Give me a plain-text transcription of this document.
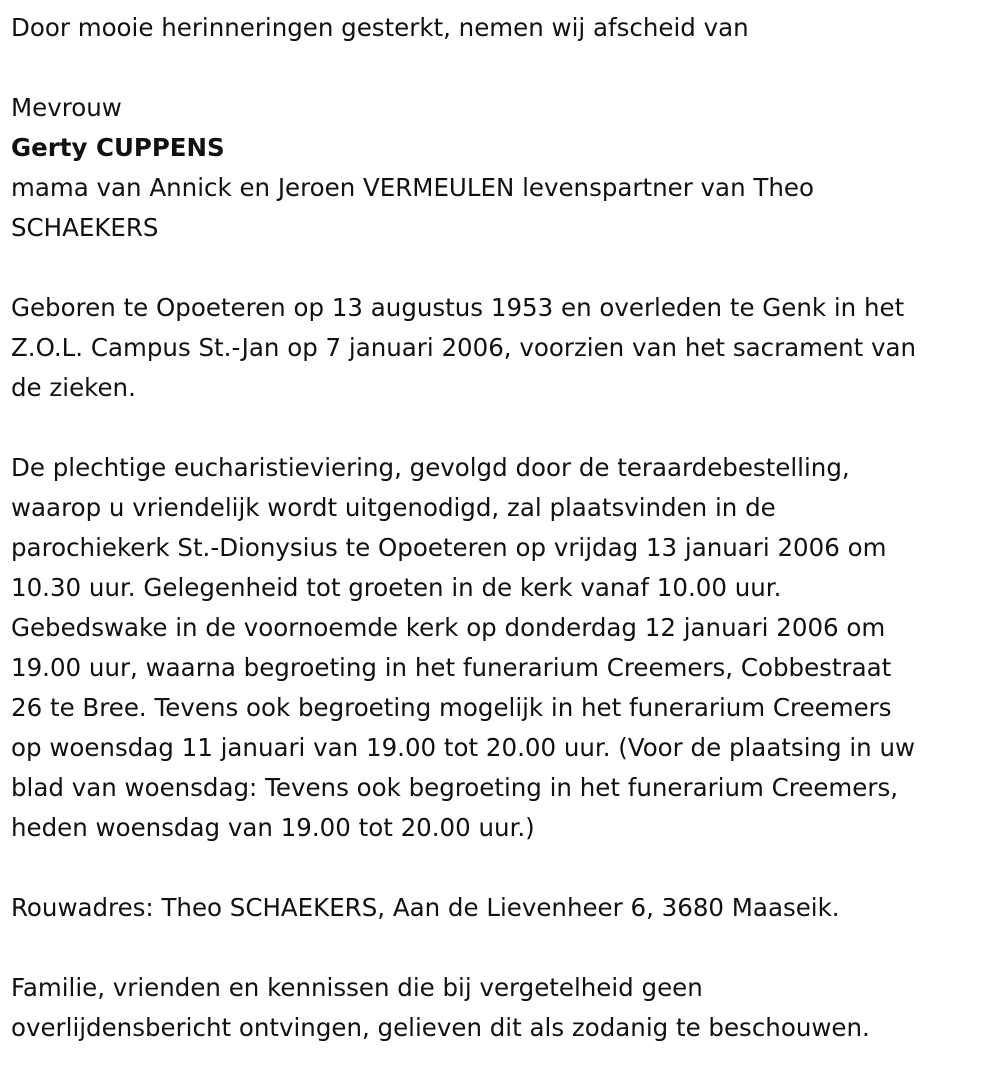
Door mooie herinneringen gesterkt, nemen wij afscheid van

Mevrouw

Gerty CUPPENS

mama van Annick en Jeroen VERMEULEN levenspartner van Theo

SCHAEKERS

Geboren te Opoeteren op 13 augustus 1953 en overleden te Genk in het

Z.O.L. Campus St.-Jan op 7 januari 2006, voorzien van het sacrament van

de zieken.

De plechtige eucharistieviering, gevolgd door de teraardebestelling,

waarop u vriendelijk wordt uitgenodigd, zal plaatsvinden in de

parochiekerk St.-Dionysius te Opoeteren op vrijdag 13 januari 2006 om

10.30 uur. Gelegenheid tot groeten in de kerk vanaf 10.00 uur.

Gebedswake in de voornoemde kerk op donderdag 12 januari 2006 om

19.00 uur, waarna begroeting in het funerarium Creemers, Cobbestraat

26 te Bree. Tevens ook begroeting mogelijk in het funerarium Creemers

op woensdag 11 januari van 19.00 tot 20.00 uur. (Voor de plaatsing in uw

blad van woensdag: Tevens ook begroeting in het funerarium Creemers,

heden woensdag van 19.00 tot 20.00 uur.)

Rouwadres: Theo SCHAEKERS, Aan de Lievenheer 6, 3680 Maaseik.

Familie, vrienden en kennissen die bij vergetelheid geen

overlijdensbericht ontvingen, gelieven dit als zodanig te beschouwen.
